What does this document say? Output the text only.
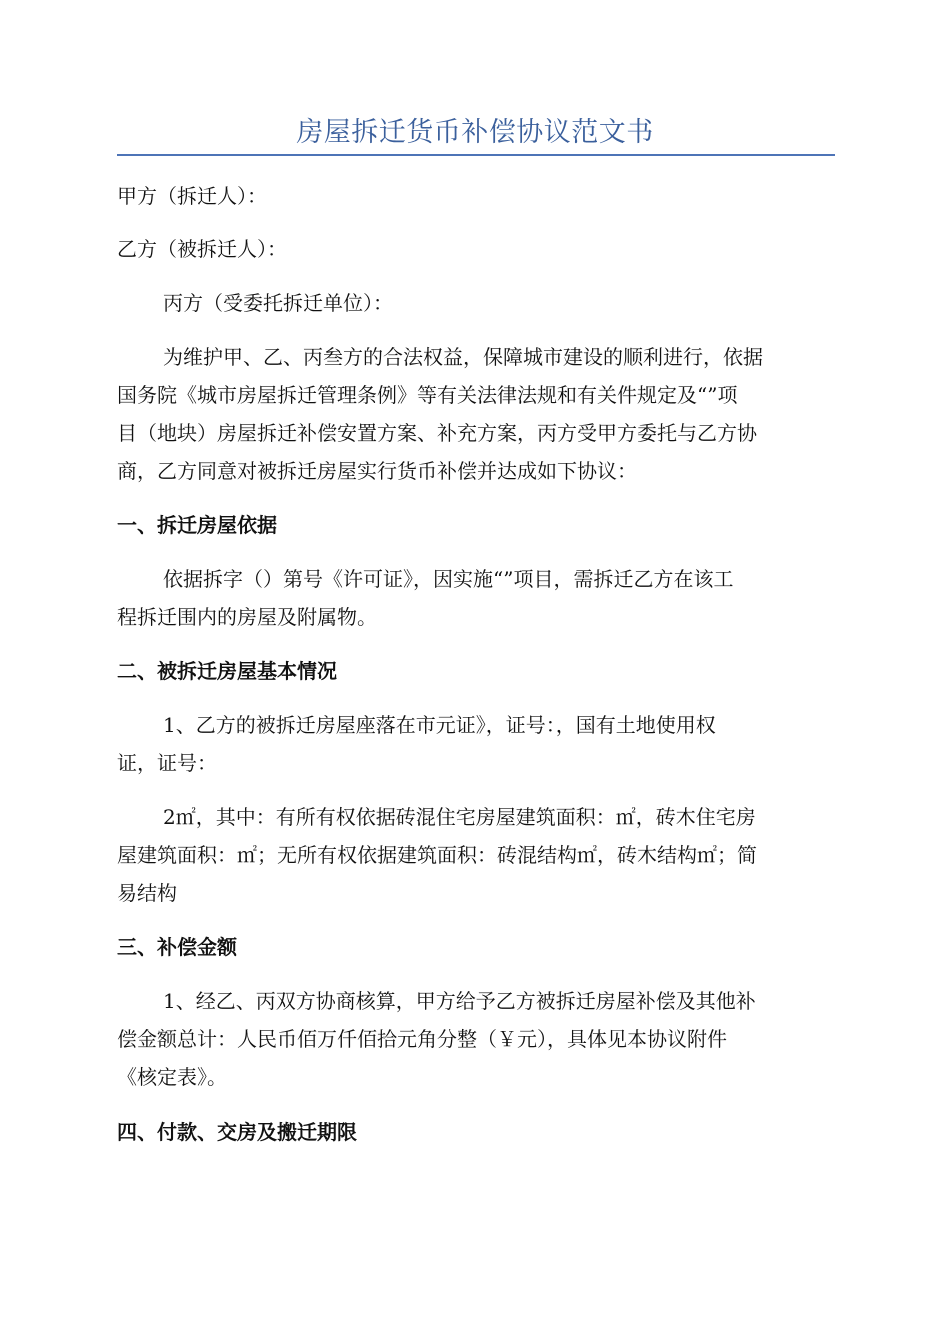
房屋拆迁货币补偿协议范文书
甲方（拆迁人）：
乙方（被拆迁人）：
丙方（受委托拆迁单位）：
为维护甲、乙、丙叁方的合法权益，保障城市建设的顺利进行，依据
国务院《城市房屋拆迁管理条例》等有关法律法规和有关件规定及“”项
目（地块）房屋拆迁补偿安置方案、补充方案，丙方受甲方委托与乙方协
商，乙方同意对被拆迁房屋实行货币补偿并达成如下协议：
一、拆迁房屋依据
依据拆字（）第号《许可证》，因实施“”项目，需拆迁乙方在该工
程拆迁围内的房屋及附属物。
二、被拆迁房屋基本情况
1、乙方的被拆迁房屋座落在市元证》，证号：，国有土地使用权
证，证号：
2㎡，其中：有所有权依据砖混住宅房屋建筑面积：㎡，砖木住宅房
屋建筑面积：㎡；无所有权依据建筑面积：砖混结构㎡，砖木结构㎡；简
易结构
三、补偿金额
1、经乙、丙双方协商核算，甲方给予乙方被拆迁房屋补偿及其他补
偿金额总计：人民币佰万仟佰拾元角分整（￥元），具体见本协议附件
《核定表》。
四、付款、交房及搬迁期限
